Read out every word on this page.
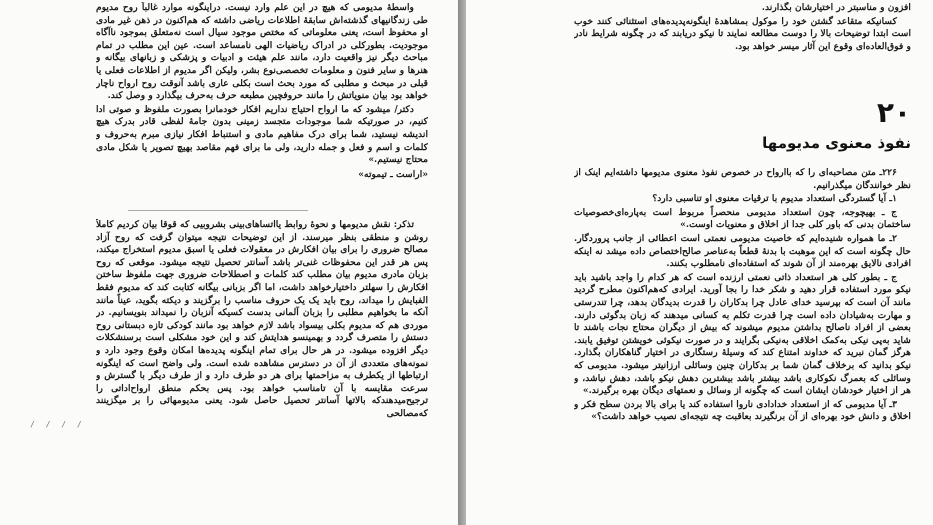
واسطهٔ مدیومی که هیچ در این علم وارد نیست. دراینگونه موارد غالباً روح مدیوم طی زندگانیهای گذشته‌اش سابقهٔ اطلاعات ریاضی داشته که هم‌اکنون در ذهن غیر مادی او محفوظ است، یعنی معلوماتی که مختص موجود سیال است نه‌متعلق بموجود ناآگاه موجودیت. بطورکلی در ادراک ریاضیات الهی نامساعد است. عین این مطلب در تمام مباحث دیگر نیز واقعیت دارد، مانند علم هیئت و ادبیات و پزشکی و زبانهای بیگانه و هنرها و سایر فنون و معلومات تخصصی‌نوع بشر، ولیکن اگر مدیوم از اطلاعات فعلی یا قبلی در مبحث و مطلبی که مورد بحث است بکلی عاری باشد آنوقت روح ارواح ناچار خواهد بود بیان منویاتش را مانند حروفچین مطبعه حرف به‌حرف بیگذارد و وصل کند.

دکتر/ میشود که ما ارواح احتیاج نداریم افکار خودمانرا بصورت ملفوظ و صوتی ادا کنیم، در صورتیکه شما موجودات متجسد زمینی بدون جامهٔ لفظی قادر بدرک هیچ اندیشه نیستید، شما برای درک مفاهیم مادی و استنباط افکار نیازی مبرم به‌حروف و کلمات و اسم و فعل و جمله دارید، ولی ما برای فهم مقاصد بهیچ تصویر یا شکل مادی محتاج نیستیم.»

«اراست ـ تیموته»

تذکر: نقش مدیومها و نحوهٔ روابط یااتساهای‌بینی بشروبیی که قوقا بیان کردیم کاملاً روشن و منطقی بنظر میرسند. از این توضیحات نتیجه میتوان گرفت که روح آزاد مصالح ضروری را برای بیان افکارش در معقولات فعلی یا اسبق مدیوم استخراج میکند، پس هر قدر این محفوظات غنی‌تر باشد آسانتر تحصیل نتیجه میشود. موقعی که روح بزبان مادری مدیوم بیان مطلب کند کلمات و اصطلاحات ضروری جهت ملفوظ ساختن افکارش را سهلتر داختیارخواهد داشت، اما اگر بزبانی بیگانه کتابت کند که مدیوم فقط الفبایش را میداند، روح باید یک یک حروف مناسب را برگزیند و دیکته بگوید، عیناً مانند آنکه ما بخواهیم مطلبی را بزبان آلمانی بدست کسیکه آنزبان را نمیداند بنویسانیم. در موردی هم که مدیوم بکلی بیسواد باشد لازم خواهد بود مانند کودکی تازه دبستانی روح دستش را متصرف گردد و بهمینسو هدایتش کند و این خود مشکلی است برسنشکلات دیگر افزوده میشود. در هر حال برای تمام اینگونه پدیده‌ها امکان وقوع وجود دارد و نمونه‌های متعددی از آن در دسترس مشاهده شده است. ولی واضح است که اینگونه ارتباطها از یکطرف به مزاحمتها برای هر دو طرف دارد و از طرف دیگر با گسترش و سرعت مقایسه با آن تامناسب خواهد بود. پس بحکم منطق ارواح‌اداتی را ترجیح‌میدهندکه بالاتها آسانتر تحصیل حاصل شود. یعنی مدیومهائی را بر میگزینند که‌مصالحی

/ / / /

افزون و مناسبتر در اختیارشان بگذارند.

کسانیکه متقاعد گشتن خود را موکول بمشاهدهٔ اینگونه‌پدیده‌های استثنائی کنند خوب است ابتدا توضیحات بالا را دوست مطالعه نمایند تا نیکو دریابند که در چگونه شرایط نادر و فوق‌العاده‌ای وقوع این آثار میسر خواهد بود.

۲۰
نفوذ معنوی مدیومها

۲۲۶ـ متن مصاحبه‌ای را که باارواح در خصوص نفوذ معنوی مدیومها داشته‌ایم اینک از نظر خوانندگان میگذرانیم.

۱ـ آیا گستردگی استعداد مدیوم با ترقیات معنوی او تناسبی دارد؟

ج ـ بهیچوجه، چون استعداد مدیومی منحصراً مربوط است به‌پاره‌ای‌خصوصیات ساختمان بدنی که باور کلی جدا از اخلاق و معنویات اوست.»

۲ـ ما همواره شنیده‌ایم که خاصیت مدیومی نعمتی است اعطائی از جانب پروردگار. حال چگونه است که این موهبت با بدنهٔ قطعاً به‌عناصر صالح‌اختصاص داده میشد نه اینکه افرادی نالایق بهره‌مند از آن شوند که استفاده‌ای نامطلوب بکنند.

ج ـ بطور کلی هر استعداد ذاتی نعمتی ارزنده است که هر کدام را واجد باشید باید نیکو مورد استفاده قرار دهید و شکر خدا را بجا آورید. ایرادی که‌هم‌اکنون مطرح گردید مانند آن است که بپرسید خدای عادل چرا بدکاران را قدرت بدیدگان بدهد، چرا تندرستی و مهارت به‌شیادان داده است چرا قدرت تکلم به کسانی میدهند که زبان بدگوئی دارند. بعضی از افراد ناصالح بداشتن مدیوم میشوند که بیش از دیگران محتاج نجات باشند تا شاید به‌پی نیکی به‌کمک اخلاقی به‌نیکی بگرایند و در صورت نیکوئی خویشتن توفیق یابند. هرگز گمان نبرید که خداوند امتناع کند که وسیلهٔ رستگاری در اختیار گناهکاران بگذارد. نیکو بدانید که برخلاف گمان شما بر بدکاران چنین وسائلی ارزانیتر میشود. مدیومی که وسائلی که بعمرگ نکوکاری باشد بیشتر باشد بیشترین دهش نیکو باشد، دهش نباشد، و هر از اختیار خودشان ایشان است که چگونه از وسائل و نعمتهای دیگان بهره برگیرند.»

۳ـ آیا مدیومی که از استعداد خدادادی ناروا استفاده کند یا برای بالا بردن سطح فکر و اخلاق و دانش خود بهره‌ای از آن برنگیرند بعاقبت چه نتیجه‌ای نصیب خواهد داشت؟»
